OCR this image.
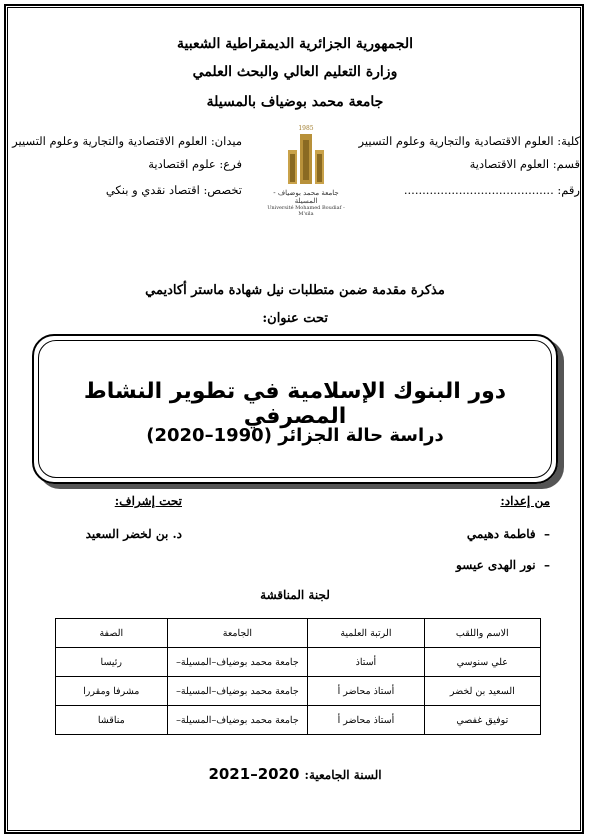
الجمهورية الجزائرية الديمقراطية الشعبية
وزارة التعليم العالي والبحث العلمي
جامعة محمد بوضياف بالمسيلة
كلية: العلوم الاقتصادية والتجارية وعلوم التسيير
قسم: العلوم الاقتصادية
رقم: .........................................
ميدان: العلوم الاقتصادية والتجارية وعلوم التسيير
فرع: علوم اقتصادية
تخصص: اقتصاد نقدي و بنكي
1985
جامعة محمد بوضياف - المسيلة
Université Mohamed Boudiaf - M'sila
مذكرة مقدمة ضمن متطلبات نيل شهادة ماستر أكاديمي
تحت عنوان:
دور البنوك الإسلامية في تطوير النشاط المصرفي
دراسة حالة الجزائر (1990–2020)
من إعداد:
–  فاطمة دهيمي
–  نور الهدى عيسو
تحت إشراف:
د. بن لخضر السعيد
لجنة المناقشة
الاسم واللقب	الرتبة العلمية	الجامعة	الصفة
علي سنوسي	أستاذ	جامعة محمد بوضياف–المسيلة–	رئيسا
السعيد بن لخضر	أستاذ محاضر أ	جامعة محمد بوضياف–المسيلة–	مشرفا ومقررا
توفيق غفصي	أستاذ محاضر أ	جامعة محمد بوضياف–المسيلة–	مناقشا
السنة الجامعية: 2020–2021
